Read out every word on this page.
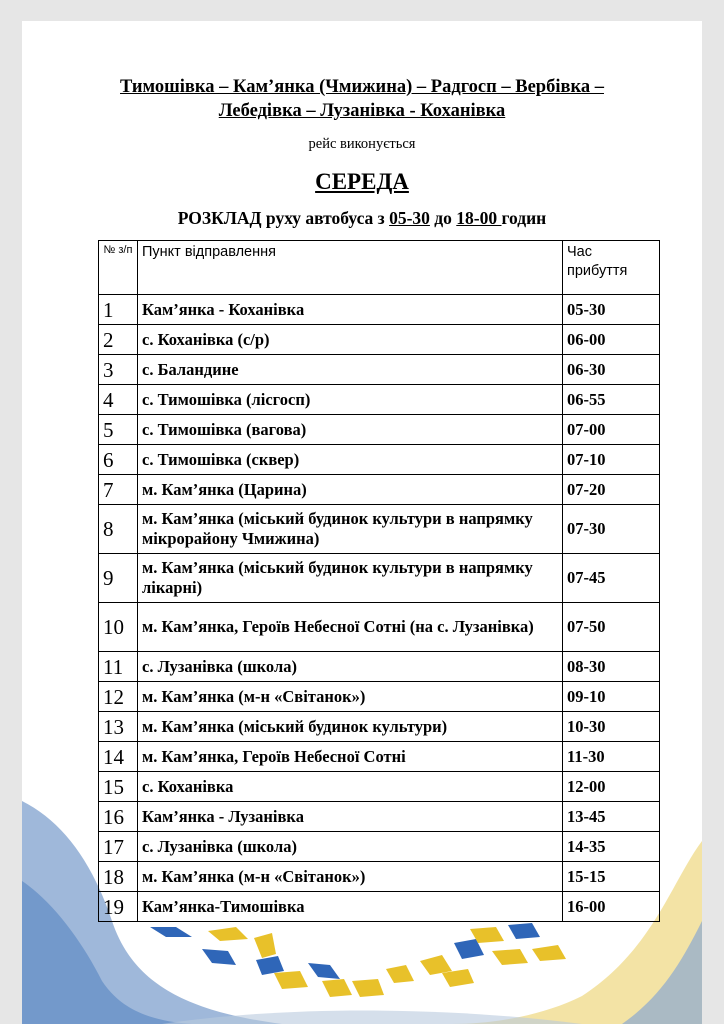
Тимошівка – Кам’янка (Чмижина) – Радгосп – Вербівка –
Лебедівка – Лузанівка - Коханівка
рейс виконується
СЕРЕДА
РОЗКЛАД руху автобуса з 05-30 до 18-00 годин
№ з/п	Пункт відправлення	Час прибуття
1	Кам’янка - Коханівка	05-30
2	с. Коханівка (с/р)	06-00
3	с. Баландине	06-30
4	с. Тимошівка (лісгосп)	06-55
5	с. Тимошівка (вагова)	07-00
6	с. Тимошівка (сквер)	07-10
7	м. Кам’янка (Царина)	07-20
8	м. Кам’янка (міський будинок культури в напрямку мікрорайону Чмижина)	07-30
9	м. Кам’янка (міський будинок культури в напрямку лікарні)	07-45
10	м. Кам’янка, Героїв Небесної Сотні (на с. Лузанівка)	07-50
11	с. Лузанівка (школа)	08-30
12	м. Кам’янка (м-н «Світанок»)	09-10
13	м. Кам’янка (міський будинок культури)	10-30
14	м. Кам’янка, Героїв Небесної Сотні	11-30
15	с. Коханівка	12-00
16	Кам’янка - Лузанівка	13-45
17	с. Лузанівка (школа)	14-35
18	м. Кам’янка (м-н «Світанок»)	15-15
19	Кам’янка-Тимошівка	16-00
